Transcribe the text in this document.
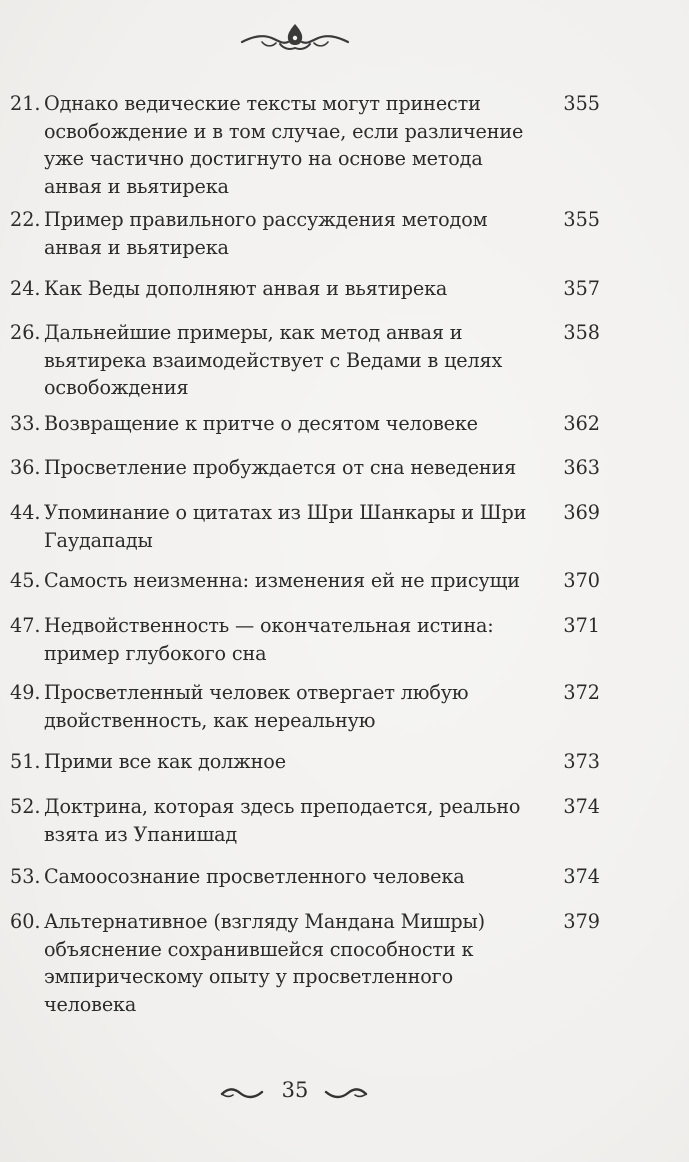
21. Однако ведические тексты могут принести освобождение и в том случае, если различение уже частично достигнуто на основе метода анвая и вьятирека
355
22. Пример правильного рассуждения методом анвая и вьятирека
355
24. Как Веды дополняют анвая и вьятирека	357
26. Дальнейшие примеры, как метод анвая и вьятирека взаимодействует с Ведами в целях освобождения
358
33. Возвращение к притче о десятом человеке	362
36. Просветление пробуждается от сна неведения	363
44. Упоминание о цитатах из Шри Шанкары и Шри Гаудапады
369
45. Самость неизменна: изменения ей не присущи	370
47. Недвойственность — окончательная истина: пример глубокого сна
371
49. Просветленный человек отвергает любую двойственность, как нереальную
372
51. Прими все как должное	373
52. Доктрина, которая здесь преподается, реально взята из Упанишад
374
53. Самоосознание просветленного человека	374
60. Альтернативное (взгляду Мандана Мишры) объяснение сохранившейся способности к эмпирическому опыту у просветленного человека
379
35
